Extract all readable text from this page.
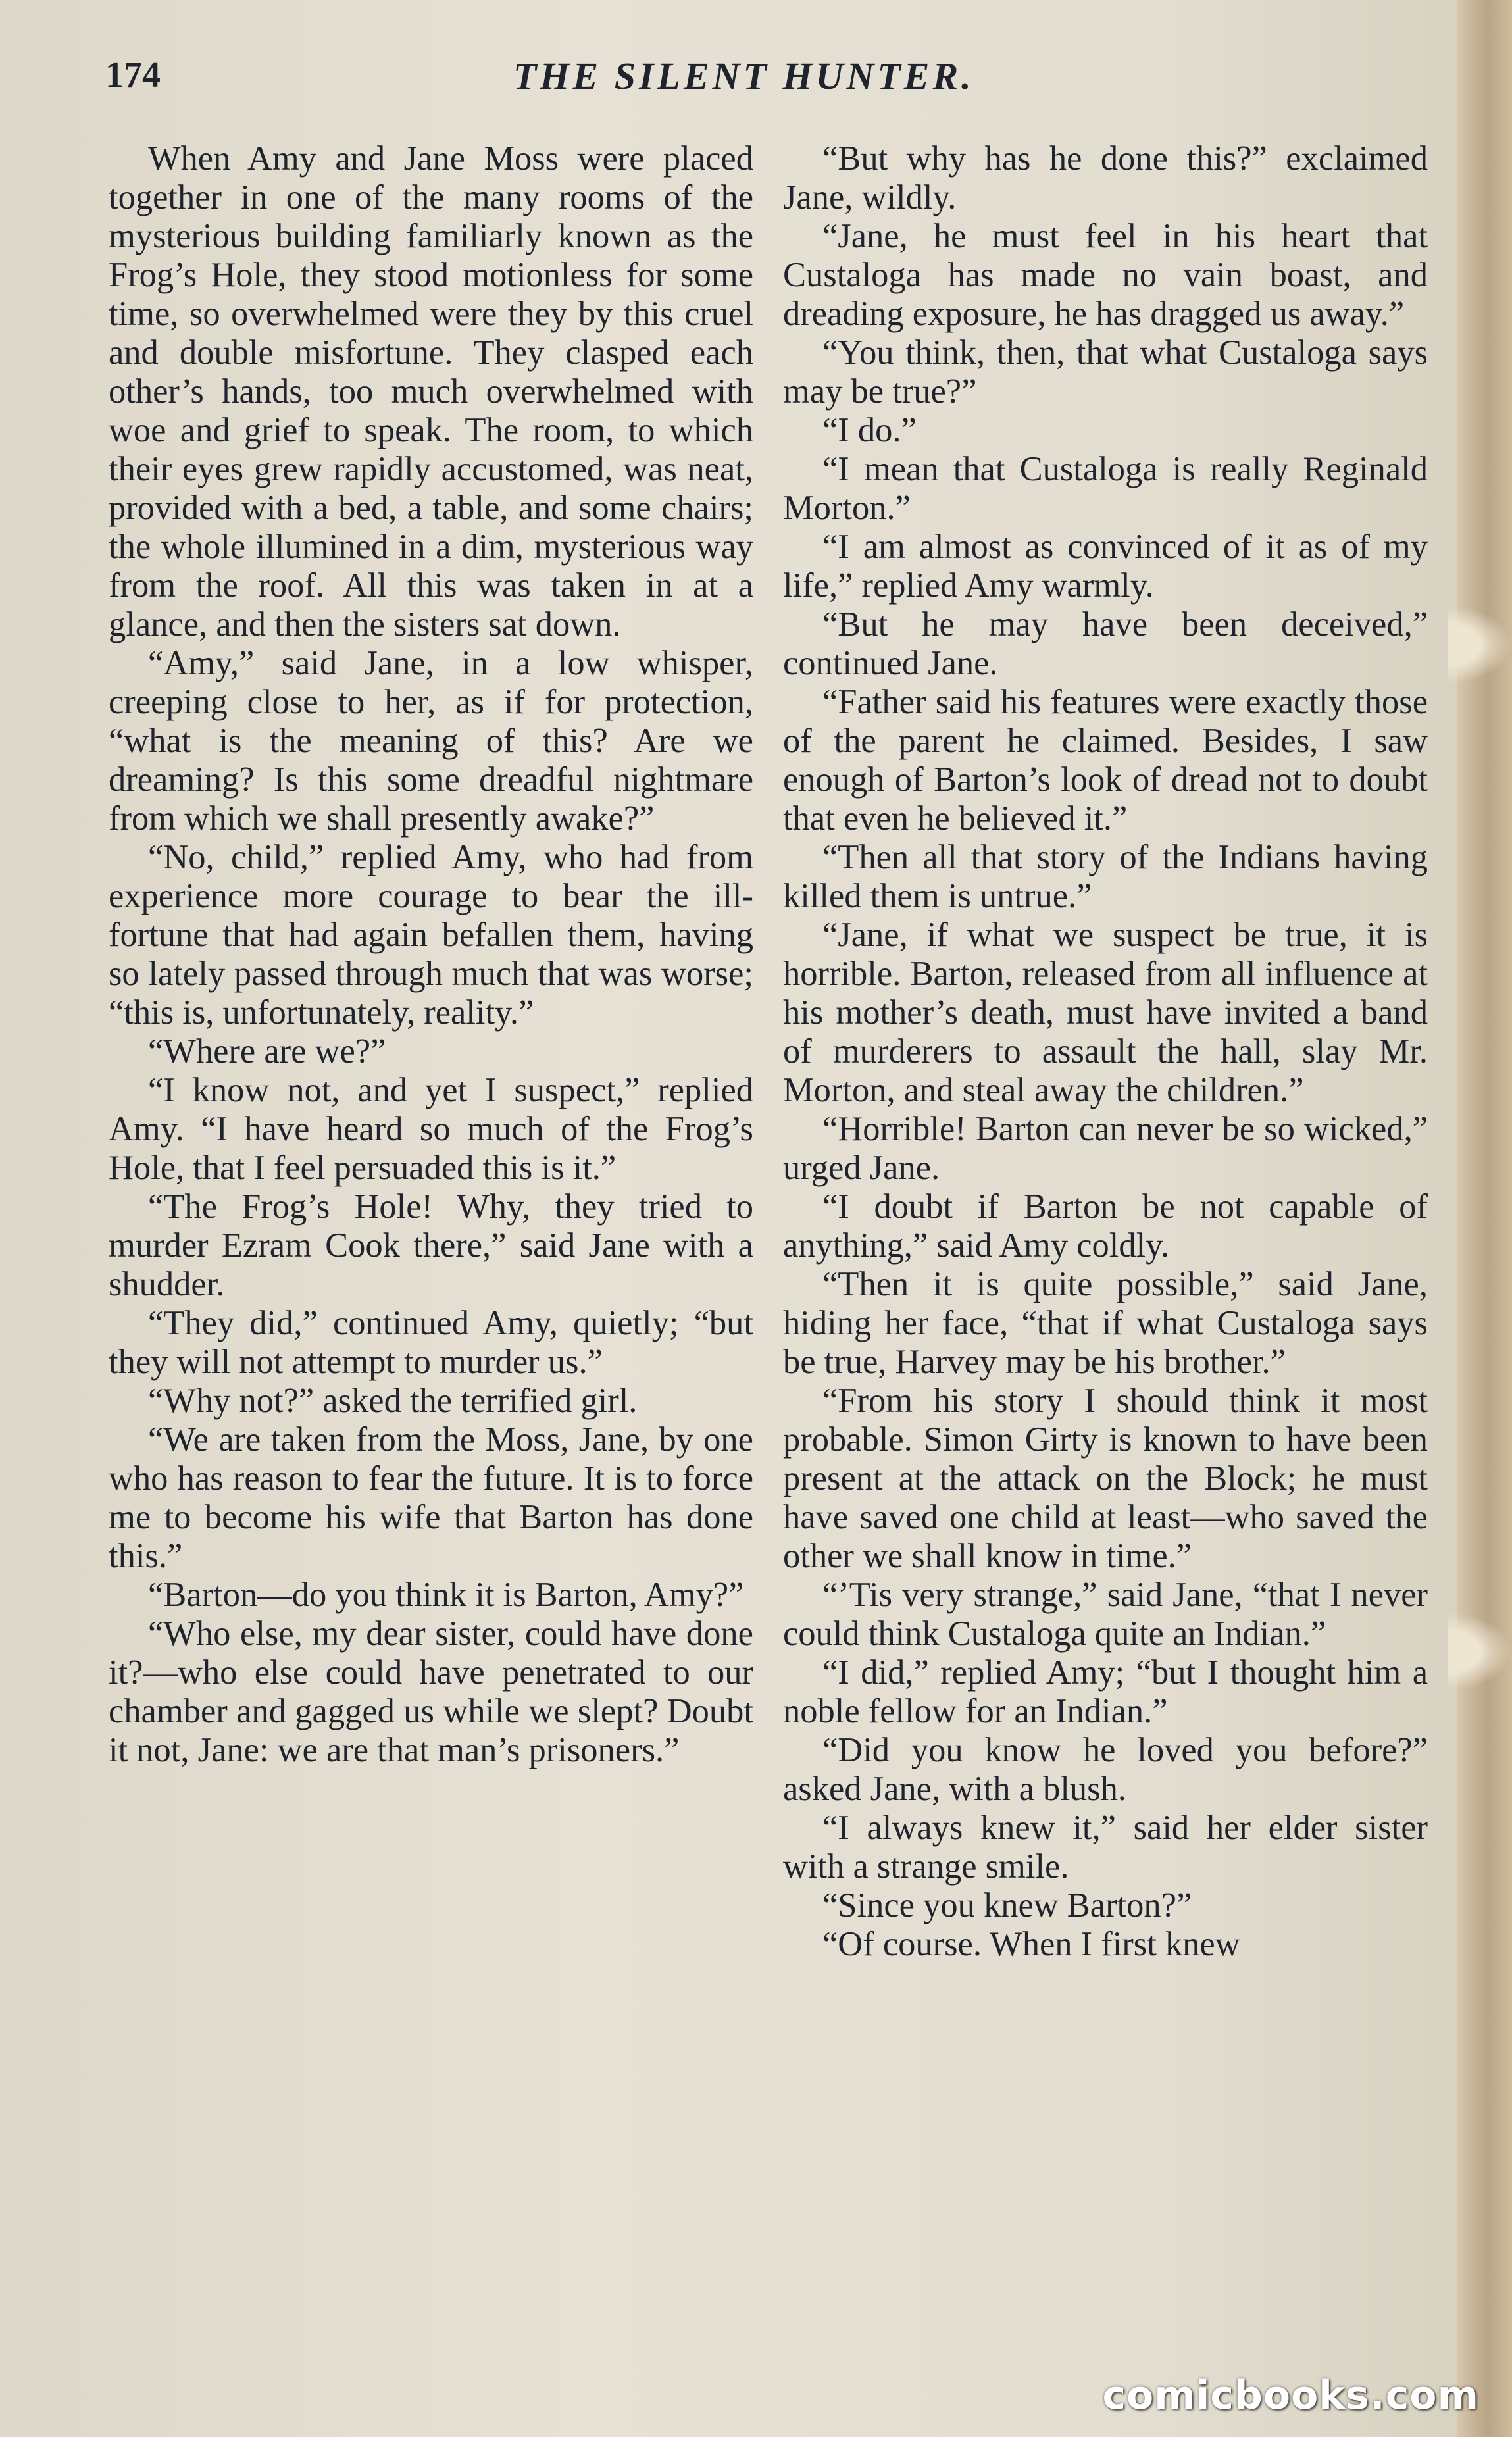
174	THE SILENT HUNTER.

When Amy and Jane Moss were placed together in one of the many rooms of the mysterious building familiarly known as the Frog’s Hole, they stood motionless for some time, so overwhelmed were they by this cruel and double misfortune. They clasped each other’s hands, too much overwhelmed with woe and grief to speak. The room, to which their eyes grew rapidly accustomed, was neat, provided with a bed, a table, and some chairs; the whole illumined in a dim, mysterious way from the roof. All this was taken in at a glance, and then the sisters sat down.

“Amy,” said Jane, in a low whisper, creeping close to her, as if for protection, “what is the meaning of this? Are we dreaming? Is this some dreadful nightmare from which we shall presently awake?”

“No, child,” replied Amy, who had from experience more courage to bear the ill-fortune that had again befallen them, having so lately passed through much that was worse; “this is, unfortunately, reality.”

“Where are we?”

“I know not, and yet I suspect,” replied Amy. “I have heard so much of the Frog’s Hole, that I feel persuaded this is it.”

“The Frog’s Hole! Why, they tried to murder Ezram Cook there,” said Jane with a shudder.

“They did,” continued Amy, quietly; “but they will not attempt to murder us.”

“Why not?” asked the terrified girl.

“We are taken from the Moss, Jane, by one who has reason to fear the future. It is to force me to become his wife that Barton has done this.”

“Barton—do you think it is Barton, Amy?”

“Who else, my dear sister, could have done it?—who else could have penetrated to our chamber and gagged us while we slept? Doubt it not, Jane: we are that man’s prisoners.”

“But why has he done this?” exclaimed Jane, wildly.

“Jane, he must feel in his heart that Custaloga has made no vain boast, and dreading exposure, he has dragged us away.”

“You think, then, that what Custaloga says may be true?”

“I do.”

“I mean that Custaloga is really Reginald Morton.”

“I am almost as convinced of it as of my life,” replied Amy warmly.

“But he may have been deceived,” continued Jane.

“Father said his features were exactly those of the parent he claimed. Besides, I saw enough of Barton’s look of dread not to doubt that even he believed it.”

“Then all that story of the Indians having killed them is untrue.”

“Jane, if what we suspect be true, it is horrible. Barton, released from all influence at his mother’s death, must have invited a band of murderers to assault the hall, slay Mr. Morton, and steal away the children.”

“Horrible! Barton can never be so wicked,” urged Jane.

“I doubt if Barton be not capable of anything,” said Amy coldly.

“Then it is quite possible,” said Jane, hiding her face, “that if what Custaloga says be true, Harvey may be his brother.”

“From his story I should think it most probable. Simon Girty is known to have been present at the attack on the Block; he must have saved one child at least—who saved the other we shall know in time.”

“’Tis very strange,” said Jane, “that I never could think Custaloga quite an Indian.”

“I did,” replied Amy; “but I thought him a noble fellow for an Indian.”

“Did you know he loved you before?” asked Jane, with a blush.

“I always knew it,” said her elder sister with a strange smile.

“Since you knew Barton?”

“Of course. When I first knew

comicbooks.com
